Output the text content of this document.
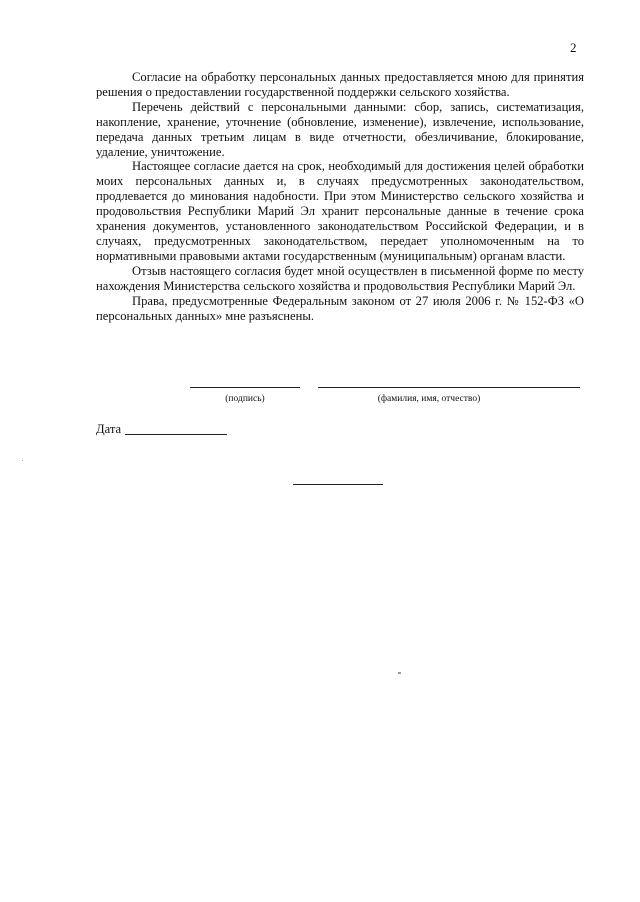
2

Согласие на обработку персональных данных предоставляется мною для принятия решения о предоставлении государственной поддержки сельского хозяйства.

Перечень действий с персональными данными: сбор, запись, систематизация, накопление, хранение, уточнение (обновление, изменение), извлечение, использование, передача данных третьим лицам в виде отчетности, обезличивание, блокирование, удаление, уничтожение.

Настоящее согласие дается на срок, необходимый для достижения целей обработки моих персональных данных и, в случаях предусмотренных законодательством, продлевается до минования надобности. При этом Министерство сельского хозяйства и продовольствия Республики Марий Эл хранит персональные данные в течение срока хранения документов, установленного законодательством Российской Федерации, и в случаях, предусмотренных законодательством, передает уполномоченным на то нормативными правовыми актами государственным (муниципальным) органам власти.

Отзыв настоящего согласия будет мной осуществлен в письменной форме по месту нахождения Министерства сельского хозяйства и продовольствия Республики Марий Эл.

Права, предусмотренные Федеральным законом от 27 июля 2006 г. № 152-ФЗ «О персональных данных» мне разъяснены.

(подпись)	(фамилия, имя, отчество)
Дата
